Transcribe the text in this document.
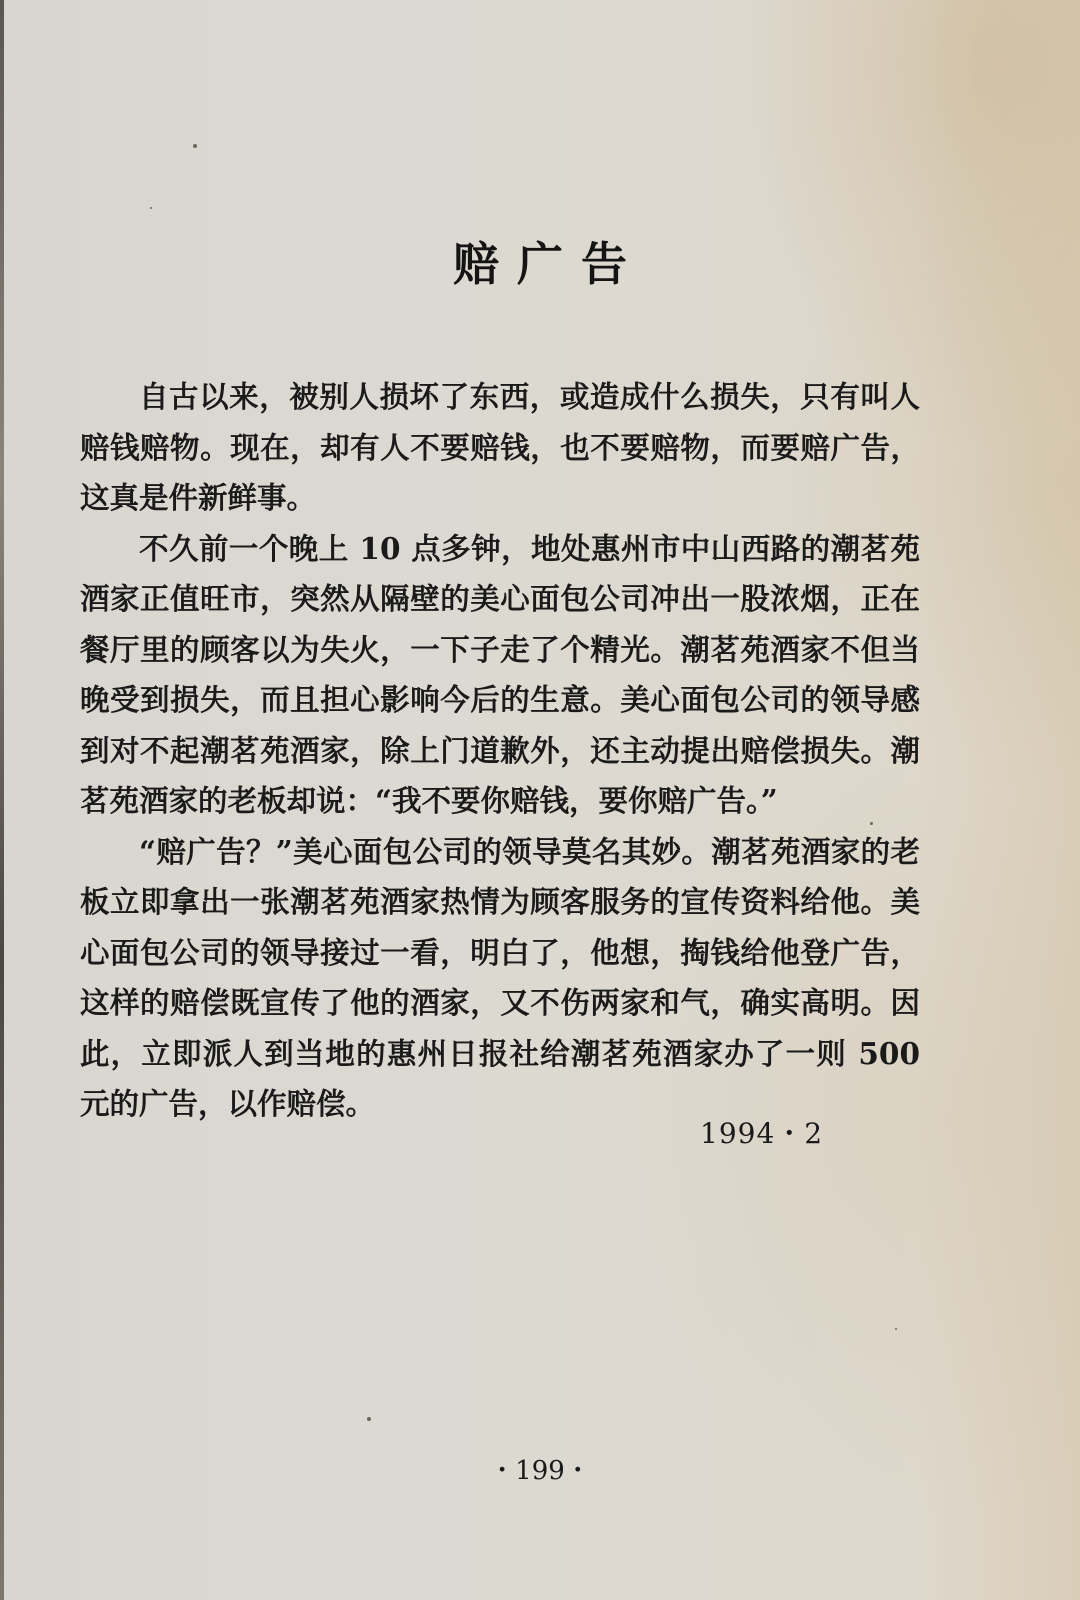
赔广告

自古以来，被别人损坏了东西，或造成什么损失，只有叫人赔钱赔物。现在，却有人不要赔钱，也不要赔物，而要赔广告，这真是件新鲜事。

不久前一个晚上 10 点多钟，地处惠州市中山西路的潮茗苑酒家正值旺市，突然从隔壁的美心面包公司冲出一股浓烟，正在餐厅里的顾客以为失火，一下子走了个精光。潮茗苑酒家不但当晚受到损失，而且担心影响今后的生意。美心面包公司的领导感到对不起潮茗苑酒家，除上门道歉外，还主动提出赔偿损失。潮茗苑酒家的老板却说：“我不要你赔钱，要你赔广告。”

“赔广告？”美心面包公司的领导莫名其妙。潮茗苑酒家的老板立即拿出一张潮茗苑酒家热情为顾客服务的宣传资料给他。美心面包公司的领导接过一看，明白了，他想，掏钱给他登广告，这样的赔偿既宣传了他的酒家，又不伤两家和气，确实高明。因此，立即派人到当地的惠州日报社给潮茗苑酒家办了一则 500 元的广告，以作赔偿。

1994・2
・199・
